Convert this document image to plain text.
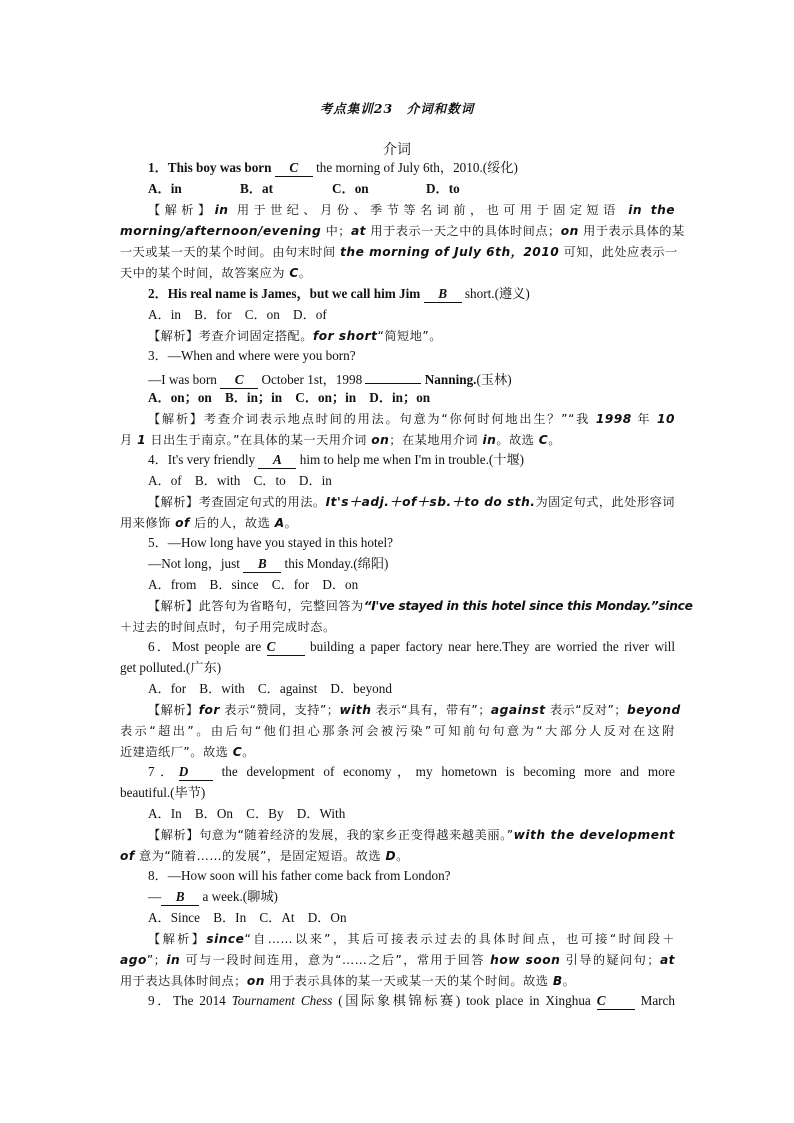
考点集训23　介词和数词
介词
1．This boy was born C the morning of July 6th，2010.(绥化)
A．in	B．at	C．on	D．to
【解析】in 用于世纪、月份、季节等名词前，也可用于固定短语 in the
morning/afternoon/evening 中；at 用于表示一天之中的具体时间点；on 用于表示具体的某
一天或某一天的某个时间。由句末时间 the morning of July 6th，2010 可知，此处应表示一
天中的某个时间，故答案应为 C。
2．His real name is James，but we call him Jim B short.(遵义)
A．in　B．for　C．on　D．of
【解析】考查介词固定搭配。for short“简短地”。
3．—When and where were you born?
—I was born C October 1st，1998	Nanning.(玉林)
A．on；on　B．in；in　C．on；in　D．in；on
【解析】考查介词表示地点时间的用法。句意为“你何时何地出生？”“我 1998 年 10
月 1 日出生于南京。”在具体的某一天用介词 on；在某地用介词 in。故选 C。
4．It's very friendly A him to help me when I'm in trouble.(十堰)
A．of　B．with　C．to　D．in
【解析】考查固定句式的用法。It's＋adj.＋of＋sb.＋to do sth.为固定句式，此处形容词
用来修饰 of 后的人，故选 A。
5．—How long have you stayed in this hotel?
—Not long，just B this Monday.(绵阳)
A．from　B．since　C．for　D．on
【解析】此答句为省略句，完整回答为“I've stayed in this hotel since this Monday.”since
＋过去的时间点时，句子用完成时态。
6．Most people are C building a paper factory near here.They are worried the river will
get polluted.(广东)
A．for　B．with　C．against　D．beyond
【解析】for 表示“赞同，支持”；with 表示“具有，带有”；against 表示“反对”；beyond
表示“超出”。由后句“他们担心那条河会被污染”可知前句句意为“大部分人反对在这附
近建造纸厂”。故选 C。
7．D the development of economy，my hometown is becoming more and more
beautiful.(毕节)
A．In　B．On　C．By　D．With
【解析】句意为“随着经济的发展，我的家乡正变得越来越美丽。”with the development
of 意为“随着……的发展”，是固定短语。故选 D。
8．—How soon will his father come back from London?
— B a week.(聊城)
A．Since　B．In　C．At　D．On
【解析】since“自……以来”，其后可接表示过去的具体时间点，也可接“时间段＋
ago”；in 可与一段时间连用，意为“……之后”，常用于回答 how soon 引导的疑问句；at
用于表达具体时间点；on 用于表示具体的某一天或某一天的某个时间。故选 B。
9．The 2014 Tournament Chess (国际象棋锦标赛) took place in Xinghua C March
